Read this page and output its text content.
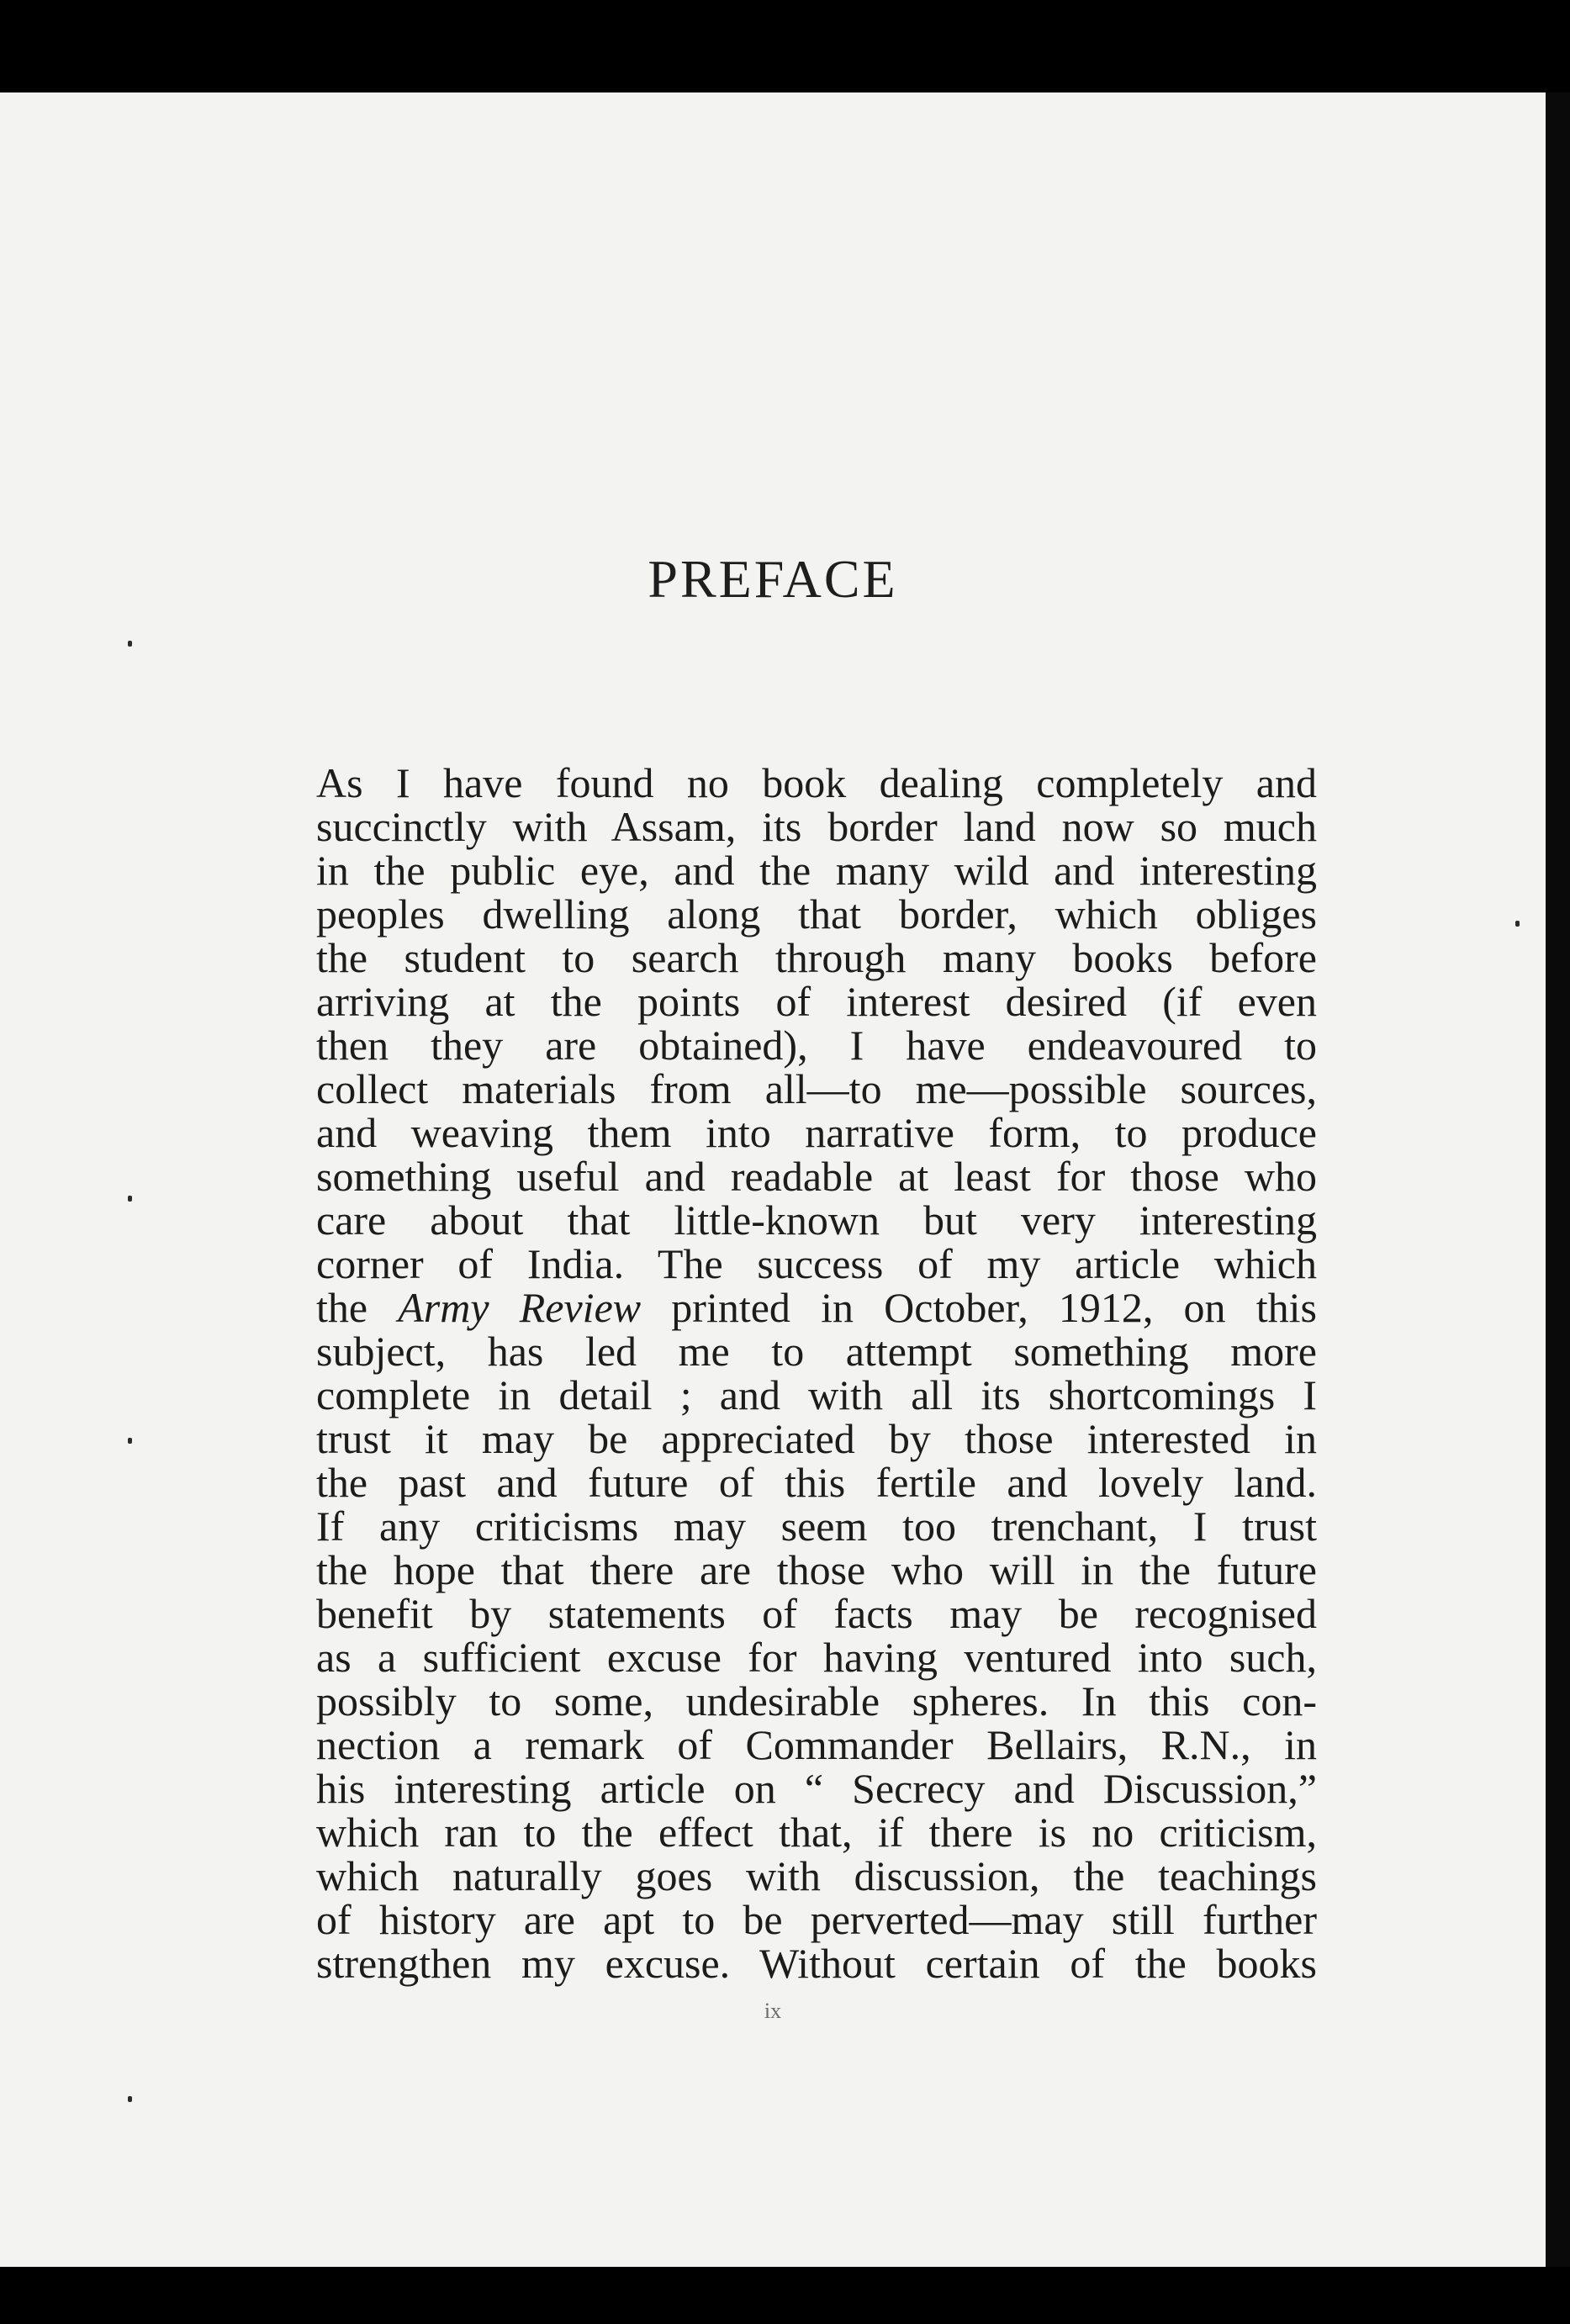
PREFACE
As I have found no book dealing completely and
succinctly with Assam, its border land now so much
in the public eye, and the many wild and interesting
peoples dwelling along that border, which obliges
the student to search through many books before
arriving at the points of interest desired (if even
then they are obtained), I have endeavoured to
collect materials from all—to me—possible sources,
and weaving them into narrative form, to produce
something useful and readable at least for those who
care about that little-known but very interesting
corner of India. The success of my article which
the Army Review printed in October, 1912, on this
subject, has led me to attempt something more
complete in detail ; and with all its shortcomings I
trust it may be appreciated by those interested in
the past and future of this fertile and lovely land.
If any criticisms may seem too trenchant, I trust
the hope that there are those who will in the future
benefit by statements of facts may be recognised
as a sufficient excuse for having ventured into such,
possibly to some, undesirable spheres. In this con-
nection a remark of Commander Bellairs, R.N., in
his interesting article on “ Secrecy and Discussion,”
which ran to the effect that, if there is no criticism,
which naturally goes with discussion, the teachings
of history are apt to be perverted—may still further
strengthen my excuse. Without certain of the books
ix
